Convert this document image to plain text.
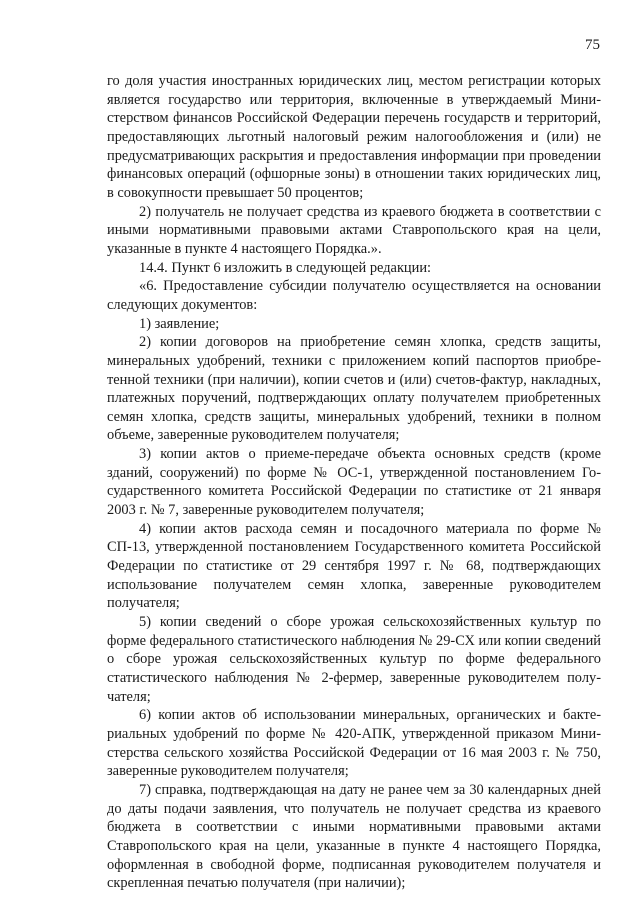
75

го доля участия иностранных юридических лиц, местом регистрации которых является государство или территория, включенные в утверждаемый Министерством финансов Российской Федерации перечень государств и территорий, предоставляющих льготный налоговый режим налогообложения и (или) не предусматривающих раскрытия и предоставления информации при проведении финансовых операций (офшорные зоны) в отношении таких юридических лиц, в совокупности превышает 50 процентов;

2) получатель не получает средства из краевого бюджета в соответствии с иными нормативными правовыми актами Ставропольского края на цели, указанные в пункте 4 настоящего Порядка.».

14.4. Пункт 6 изложить в следующей редакции:

«6. Предоставление субсидии получателю осуществляется на основании следующих документов:

1) заявление;

2) копии договоров на приобретение семян хлопка, средств защиты, минеральных удобрений, техники с приложением копий паспортов приобретенной техники (при наличии), копии счетов и (или) счетов-фактур, накладных, платежных поручений, подтверждающих оплату получателем приобретенных семян хлопка, средств защиты, минеральных удобрений, техники в полном объеме, заверенные руководителем получателя;

3) копии актов о приеме-передаче объекта основных средств (кроме зданий, сооружений) по форме № ОС-1, утвержденной постановлением Государственного комитета Российской Федерации по статистике от 21 января 2003 г. № 7, заверенные руководителем получателя;

4) копии актов расхода семян и посадочного материала по форме № СП-13, утвержденной постановлением Государственного комитета Российской Федерации по статистике от 29 сентября 1997 г. № 68, подтверждающих использование получателем семян хлопка, заверенные руководителем получателя;

5) копии сведений о сборе урожая сельскохозяйственных культур по форме федерального статистического наблюдения № 29-СХ или копии сведений о сборе урожая сельскохозяйственных культур по форме федерального статистического наблюдения № 2-фермер, заверенные руководителем получателя;

6) копии актов об использовании минеральных, органических и бактериальных удобрений по форме № 420-АПК, утвержденной приказом Министерства сельского хозяйства Российской Федерации от 16 мая 2003 г. № 750, заверенные руководителем получателя;

7) справка, подтверждающая на дату не ранее чем за 30 календарных дней до даты подачи заявления, что получатель не получает средства из краевого бюджета в соответствии с иными нормативными правовыми актами Ставропольского края на цели, указанные в пункте 4 настоящего Порядка, оформленная в свободной форме, подписанная руководителем получателя и скрепленная печатью получателя (при наличии);
